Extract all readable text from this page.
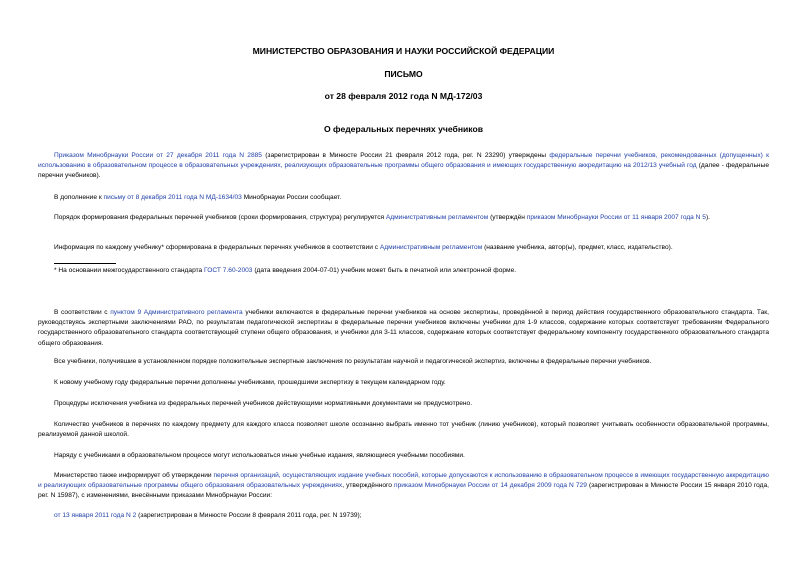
МИНИСТЕРСТВО ОБРАЗОВАНИЯ И НАУКИ РОССИЙСКОЙ ФЕДЕРАЦИИ
ПИСЬМО
от 28 февраля 2012 года N МД-172/03
О федеральных перечнях учебников

Приказом Минобрнауки России от 27 декабря 2011 года N 2885 (зарегистрирован в Минюсте России 21 февраля 2012 года, рег. N 23290) утверждены федеральные перечни учебников, рекомендованных (допущенных) к использованию в образовательном процессе в образовательных учреждениях, реализующих образовательные программы общего образования и имеющих государственную аккредитацию на 2012/13 учебный год (далее - федеральные перечни учебников).

В дополнение к письму от 8 декабря 2011 года N МД-1634/03 Минобрнауки России сообщает.

Порядок формирования федеральных перечней учебников (сроки формирования, структура) регулируется Административным регламентом (утверждён приказом Минобрнауки России от 11 января 2007 года N 5).

Информация по каждому учебнику* сформирована в федеральных перечнях учебников в соответствии с Административным регламентом (название учебника, автор(ы), предмет, класс, издательство).

* На основании межгосударственного стандарта ГОСТ 7.60-2003 (дата введения 2004-07-01) учебник может быть в печатной или электронной форме.

В соответствии с пунктом 9 Административного регламента учебники включаются в федеральные перечни учебников на основе экспертизы, проведённой в период действия государственного образовательного стандарта. Так, руководствуясь экспертными заключениями РАО, по результатам педагогической экспертизы в федеральные перечни учебников включены учебники для 1-9 классов, содержание которых соответствует требованиям Федерального государственного образовательного стандарта соответствующей ступени общего образования, и учебники для 3-11 классов, содержание которых соответствует федеральному компоненту государственного образовательного стандарта общего образования.

Все учебники, получившие в установленном порядке положительные экспертные заключения по результатам научной и педагогической экспертиз, включены в федеральные перечни учебников.

К новому учебному году федеральные перечни дополнены учебниками, прошедшими экспертизу в текущем календарном году.

Процедуры исключения учебника из федеральных перечней учебников действующими нормативными документами не предусмотрено.

Количество учебников в перечнях по каждому предмету для каждого класса позволяет школе осознанно выбрать именно тот учебник (линию учебников), который позволяет учитывать особенности образовательной программы, реализуемой данной школой.

Наряду с учебниками в образовательном процессе могут использоваться иные учебные издания, являющиеся учебными пособиями.

Министерство также информирует об утверждении перечня организаций, осуществляющих издание учебных пособий, которые допускаются к использованию в образовательном процессе в имеющих государственную аккредитацию и реализующих образовательные программы общего образования образовательных учреждениях, утверждённого приказом Минобрнауки России от 14 декабря 2009 года N 729 (зарегистрирован в Минюсте России 15 января 2010 года, рег. N 15987), с изменениями, внесёнными приказами Минобрнауки России:

от 13 января 2011 года N 2 (зарегистрирован в Минюсте России 8 февраля 2011 года, рег. N 19739);
